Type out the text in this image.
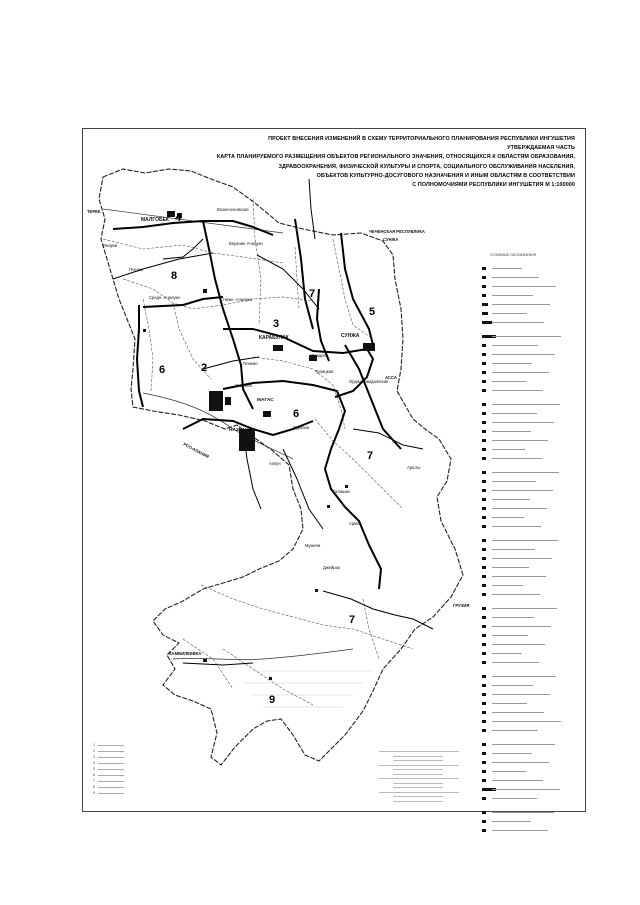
ПРОЕКТ ВНЕСЕНИЯ ИЗМЕНЕНИЙ В СХЕМУ ТЕРРИТОРИАЛЬНОГО ПЛАНИРОВАНИЯ РЕСПУБЛИКИ ИНГУШЕТИЯ
УТВЕРЖДАЕМАЯ ЧАСТЬ
КАРТА ПЛАНИРУЕМОГО РАЗМЕЩЕНИЯ ОБЪЕКТОВ РЕГИОНАЛЬНОГО ЗНАЧЕНИЯ, ОТНОСЯЩИХСЯ К ОБЛАСТЯМ ОБРАЗОВАНИЯ,
ЗДРАВООХРАНЕНИЯ, ФИЗИЧЕСКОЙ КУЛЬТУРЫ И СПОРТА, СОЦИАЛЬНОГО ОБСЛУЖИВАНИЯ НАСЕЛЕНИЯ,
ОБЪЕКТОВ КУЛЬТУРНО-ДОСУГОВОГО НАЗНАЧЕНИЯ И ИНЫМ ОБЛАСТЯМ В СООТВЕТСТВИИ
С ПОЛНОМОЧИЯМИ РЕСПУБЛИКИ ИНГУШЕТИЯ М 1:100000
4
8
3
7
5
2
6
6
7
7
9
МАЛГОБЕК
КАРАБУЛАК	СУНЖА
НАЗРАНЬ
МАГАС
Вознесеновская
Инарки
Пседах
Верхние Ачалуки
Средн. Ачалуки	Нижн. Ачалуки
Яндаре
Плиево
Троицкая
Орджоникидзевская
Экажево
Сурхахи
Алкун
Галашки
Мужичи
Джейрах
Армхи
Аршты
ТЕРЕК
СУНЖА
КАМБИЛЕЕВКА
АССА
РСО-АЛАНИЯ
ГРУЗИЯ
ЧЕЧЕНСКАЯ РЕСПУБЛИКА
УСЛОВНЫЕ ОБОЗНАЧЕНИЯ
1
2
3
4
5
6
7
8
9
